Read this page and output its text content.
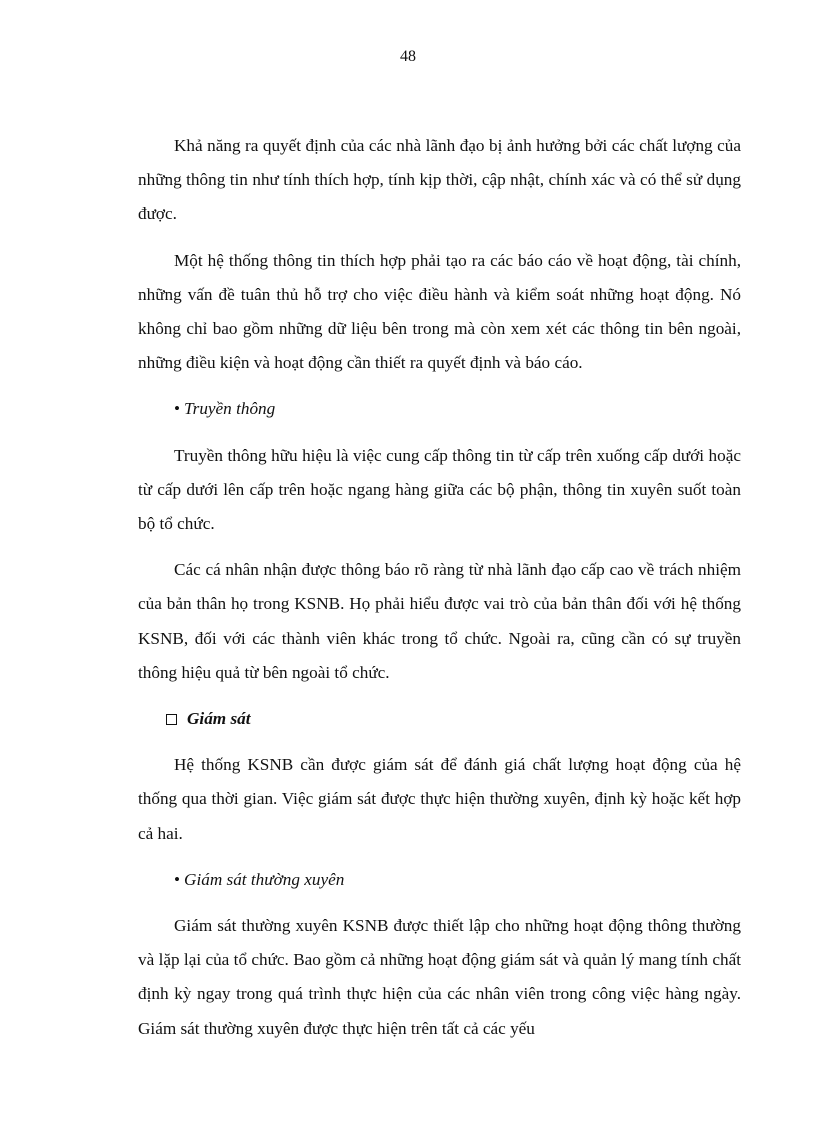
48

Khả năng ra quyết định của các nhà lãnh đạo bị ảnh hưởng bởi các chất lượng của những thông tin như tính thích hợp, tính kịp thời, cập nhật, chính xác và có thể sử dụng được.

Một hệ thống thông tin thích hợp phải tạo ra các báo cáo về hoạt động, tài chính, những vấn đề tuân thủ hỗ trợ cho việc điều hành và kiểm soát những hoạt động. Nó không chỉ bao gồm những dữ liệu bên trong mà còn xem xét các thông tin bên ngoài, những điều kiện và hoạt động cần thiết ra quyết định và báo cáo.

• Truyền thông

Truyền thông hữu hiệu là việc cung cấp thông tin từ cấp trên xuống cấp dưới hoặc từ cấp dưới lên cấp trên hoặc ngang hàng giữa các bộ phận, thông tin xuyên suốt toàn bộ tổ chức.

Các cá nhân nhận được thông báo rõ ràng từ nhà lãnh đạo cấp cao về trách nhiệm của bản thân họ trong KSNB. Họ phải hiểu được vai trò của bản thân đối với hệ thống KSNB, đối với các thành viên khác trong tổ chức. Ngoài ra, cũng cần có sự truyền thông hiệu quả từ bên ngoài tổ chức.

Giám sát

Hệ thống KSNB cần được giám sát để đánh giá chất lượng hoạt động của hệ thống qua thời gian. Việc giám sát được thực hiện thường xuyên, định kỳ hoặc kết hợp cả hai.

• Giám sát thường xuyên

Giám sát thường xuyên KSNB được thiết lập cho những hoạt động thông thường và lặp lại của tổ chức. Bao gồm cả những hoạt động giám sát và quản lý mang tính chất định kỳ ngay trong quá trình thực hiện của các nhân viên trong công việc hàng ngày. Giám sát thường xuyên được thực hiện trên tất cả các yếu
